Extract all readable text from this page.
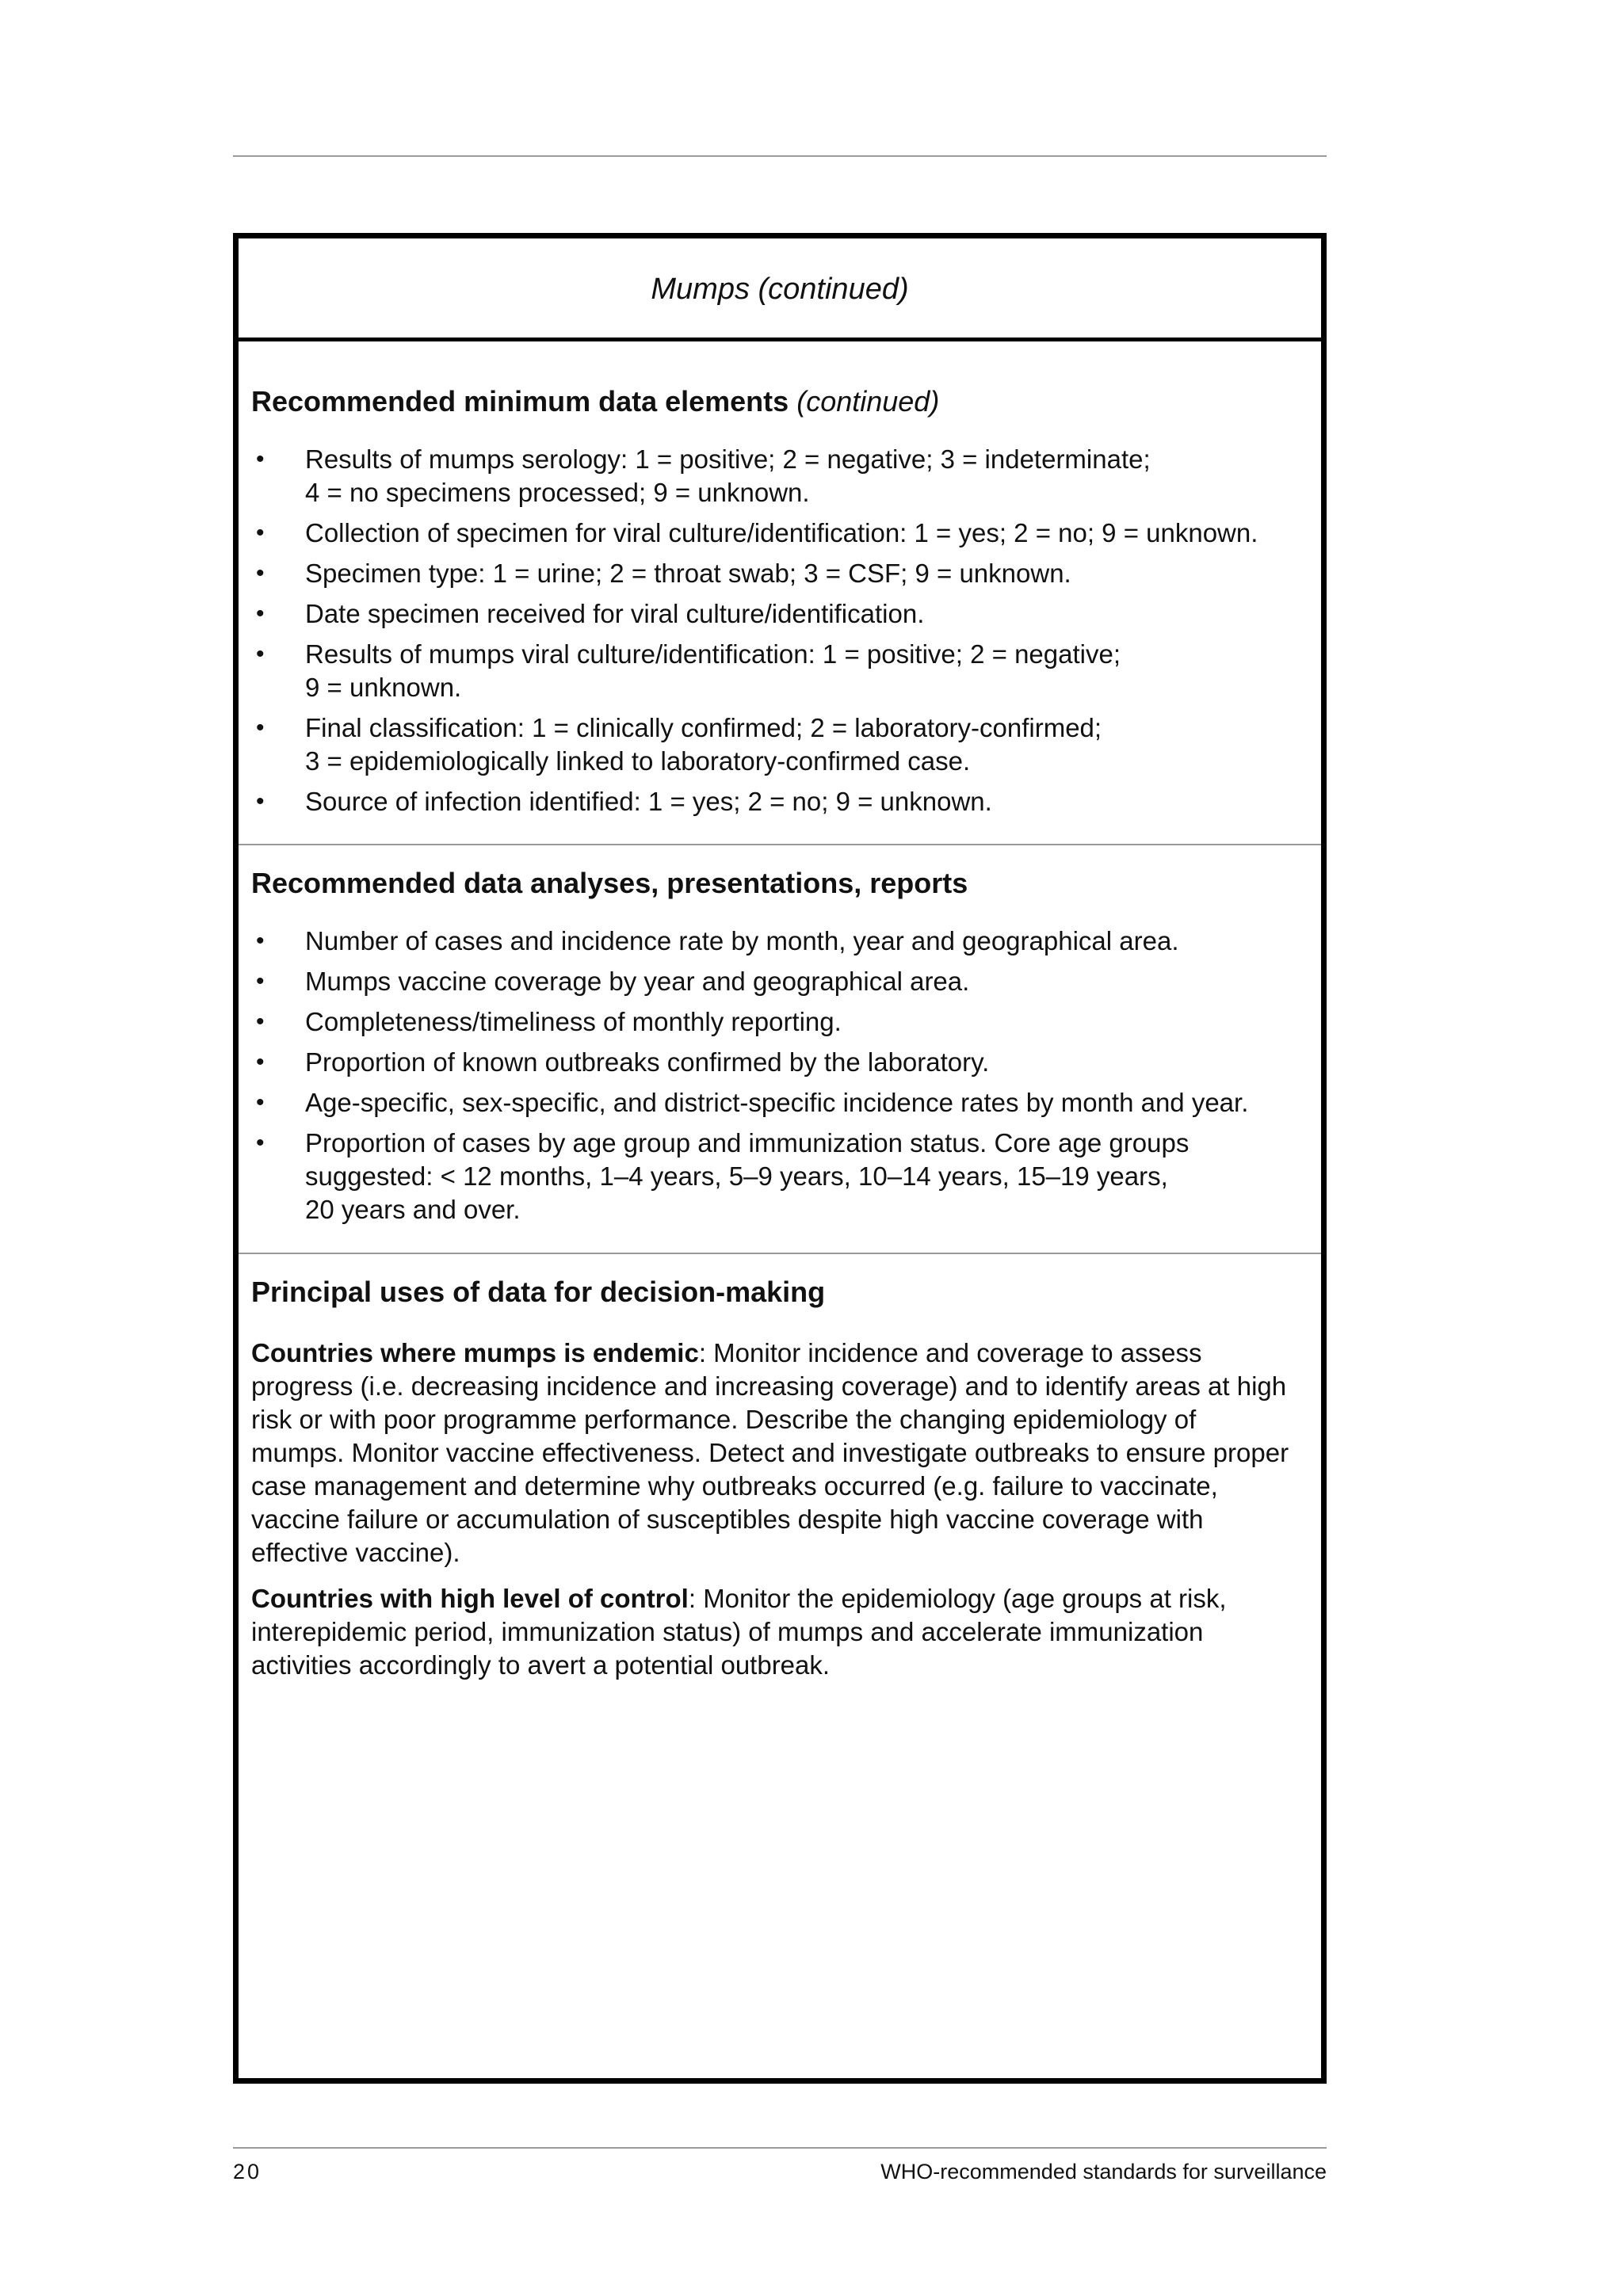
Mumps (continued)

Recommended minimum data elements (continued)

• Results of mumps serology: 1 = positive; 2 = negative; 3 = indeterminate;
4 = no specimens processed; 9 = unknown.
• Collection of specimen for viral culture/identification: 1 = yes; 2 = no; 9 = unknown.
• Specimen type: 1 = urine; 2 = throat swab; 3 = CSF; 9 = unknown.
• Date specimen received for viral culture/identification.
• Results of mumps viral culture/identification: 1 = positive; 2 = negative;
9 = unknown.
• Final classification: 1 = clinically confirmed; 2 = laboratory-confirmed;
3 = epidemiologically linked to laboratory-confirmed case.
• Source of infection identified: 1 = yes; 2 = no; 9 = unknown.

Recommended data analyses, presentations, reports

• Number of cases and incidence rate by month, year and geographical area.
• Mumps vaccine coverage by year and geographical area.
• Completeness/timeliness of monthly reporting.
• Proportion of known outbreaks confirmed by the laboratory.
• Age-specific, sex-specific, and district-specific incidence rates by month and year.
• Proportion of cases by age group and immunization status. Core age groups
suggested: < 12 months, 1–4 years, 5–9 years, 10–14 years, 15–19 years,
20 years and over.

Principal uses of data for decision-making

Countries where mumps is endemic: Monitor incidence and coverage to assess
progress (i.e. decreasing incidence and increasing coverage) and to identify areas at high
risk or with poor programme performance. Describe the changing epidemiology of
mumps. Monitor vaccine effectiveness. Detect and investigate outbreaks to ensure proper
case management and determine why outbreaks occurred (e.g. failure to vaccinate,
vaccine failure or accumulation of susceptibles despite high vaccine coverage with
effective vaccine).
Countries with high level of control: Monitor the epidemiology (age groups at risk,
interepidemic period, immunization status) of mumps and accelerate immunization
activities accordingly to avert a potential outbreak.
20	WHO-recommended standards for surveillance
